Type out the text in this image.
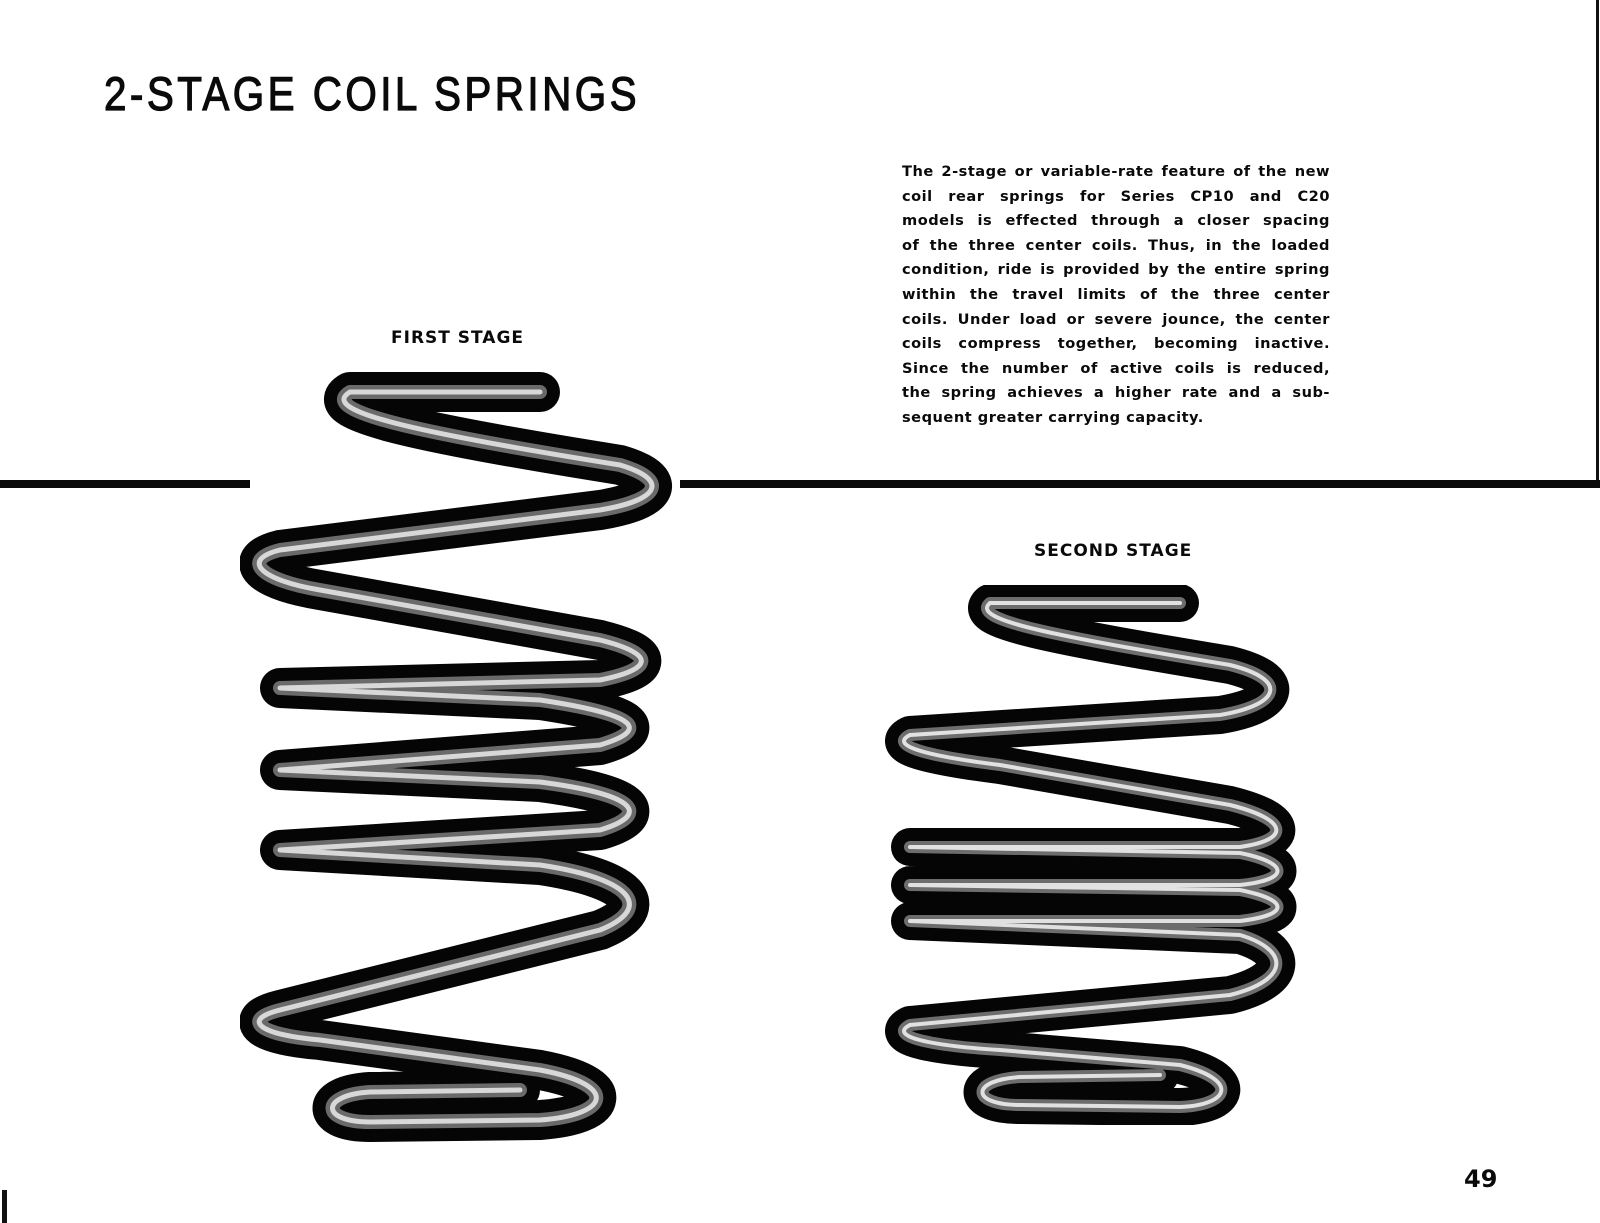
2-STAGE COIL SPRINGS
The 2-stage or variable-rate feature of the new
coil rear springs for Series CP10 and C20
models is effected through a closer spacing
of the three center coils. Thus, in the loaded
condition, ride is provided by the entire spring
within the travel limits of the three center
coils. Under load or severe jounce, the center
coils compress together, becoming inactive.
Since the number of active coils is reduced,
the spring achieves a higher rate and a sub-
sequent greater carrying capacity.
FIRST STAGE
SECOND STAGE
49
